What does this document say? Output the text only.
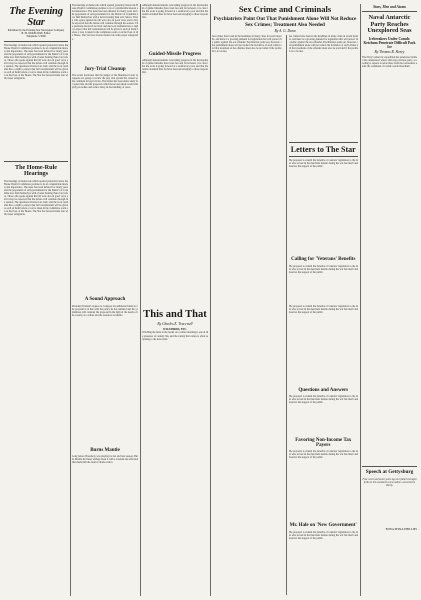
The Evening Star
Published by the Evening Star Newspaper Company
B. M. McKELWAY, Editor
Telephone 5-5000
The hearings on home rule which opened yesterday before the House District Committee promise to be of considerable interest and importance. The issue has been debated for many years and the proponents of self-government for the District of Columbia now find themselves with a better hearing than ever before. Those who spoke against the bill were also in good voice and it may be expected that the debate will continue through the session. The questions involved are basic and the local residents have a right to expect that full consideration will be given to each of them before a vote is taken in the committee room or on the floor of the House. The Star has favored home rule with proper safeguards.
The Home-Rule Hearings
The hearings on home rule which opened yesterday before the House District Committee promise to be of considerable interest and importance. The issue has been debated for many years and the proponents of self-government for the District of Columbia now find themselves with a better hearing than ever before. Those who spoke against the bill were also in good voice and it may be expected that the debate will continue through the session. The questions involved are basic and the local residents have a right to expect that full consideration will be given to each of them before a vote is taken in the committee room or on the floor of the House. The Star has favored home rule with proper safeguards.
The hearings on home rule which opened yesterday before the House District Committee promise to be of considerable interest and importance. The issue has been debated for many years and the proponents of self-government for the District of Columbia now find themselves with a better hearing than ever before. Those who spoke against the bill were also in good voice and it may be expected that the debate will continue through the session. The questions involved are basic and the local residents have a right to expect that full consideration will be given to each of them before a vote is taken in the committee room or on the floor of the House. The Star has favored home rule with proper safeguards.
Jury-Trial Cleanup
The recent disclosure that the judges of the Municipal Court of Appeals are going to review the jury trial system has caused some comment in legal circles. The matter has been under study for some time and the proposals which have been made would simplify procedure and reduce delay in the handling of cases.
A Sound Approach
President Truman's request to Congress for additional funds for the program is in line with the policy he has outlined and the committees will consider the proposal in the light of the needs of the country as a whole and the resources available.
Burns Mantle
Long before Broadway was playing its last and best season, Burns Mantle had been writing about it with a wisdom and affection that made him the dean of drama critics.
Although announcements concerning progress in the development of guided missiles have been few and far between, it is clear that the work is going forward at a satisfactory pace and that the results obtained thus far have been encouraging to those responsible.
Guided-Missile Progress
Although announcements concerning progress in the development of guided missiles have been few and far between, it is clear that the work is going forward at a satisfactory pace and that the results obtained thus far have been encouraging to those responsible.
This and That
By Charles E. Tracewell
WILD BIRDS, ETC.
Watching the birds at the feeder on a winter morning is one of the pleasures of country life, and the variety that comes is often surprising to the newcomer.
Sex Crime and Criminals
Psychiatrists Point Out That Punishment Alone Will Not Reduce Sex Crimes; Treatment Also Needed
By A. G. Dunn
Sex crimes have been in the headlines in many cities in recent months, and there is a growing demand for legislation that will protect the public against the sex offender. Psychiatrists point out, however, that punishment alone will not reduce the incidence of such crimes and that treatment of the offender must also be provided if the problem is to be met.
Sex crimes have been in the headlines in many cities in recent months, and there is a growing demand for legislation that will protect the public against the sex offender. Psychiatrists point out, however, that punishment alone will not reduce the incidence of such crimes and that treatment of the offender must also be provided if the problem is to be met.
Letters to The Star
The proposal to extend the benefits of veterans' legislation to the men who served in the merchant marine during the war has merit and deserves the support of the public.
Calling for 'Veterans' Benefits
The proposal to extend the benefits of veterans' legislation to the men who served in the merchant marine during the war has merit and deserves the support of the public.
The proposal to extend the benefits of veterans' legislation to the men who served in the merchant marine during the war has merit and deserves the support of the public.
Questions and Answers
The proposal to extend the benefits of veterans' legislation to the men who served in the merchant marine during the war has merit and deserves the support of the public.
Favoring Non-Income Tax Payers
The proposal to extend the benefits of veterans' legislation to the men who served in the merchant marine during the war has merit and deserves the support of the public.
Mr. Hale on 'New Government'
The proposal to extend the benefits of veterans' legislation to the men who served in the merchant marine during the war has merit and deserves the support of the public.
Stars, Men and Atoms
Naval Antarctic Party Reaches Unexplored Seas
Icebreakers Under Comdr. Ketchum Penetrate Difficult Pack Ice
By Thomas R. Henry
The Navy's Antarctic expedition has penetrated farther into unexplored waters than any previous party, according to reports received here from the icebreakers under the command of Comdr. Gerald Ketchum.
Speech at Gettysburg
Four score and seven years ago our fathers brought forth on this continent a new nation, conceived in liberty.
EDNA MYRA PHILLIPS
